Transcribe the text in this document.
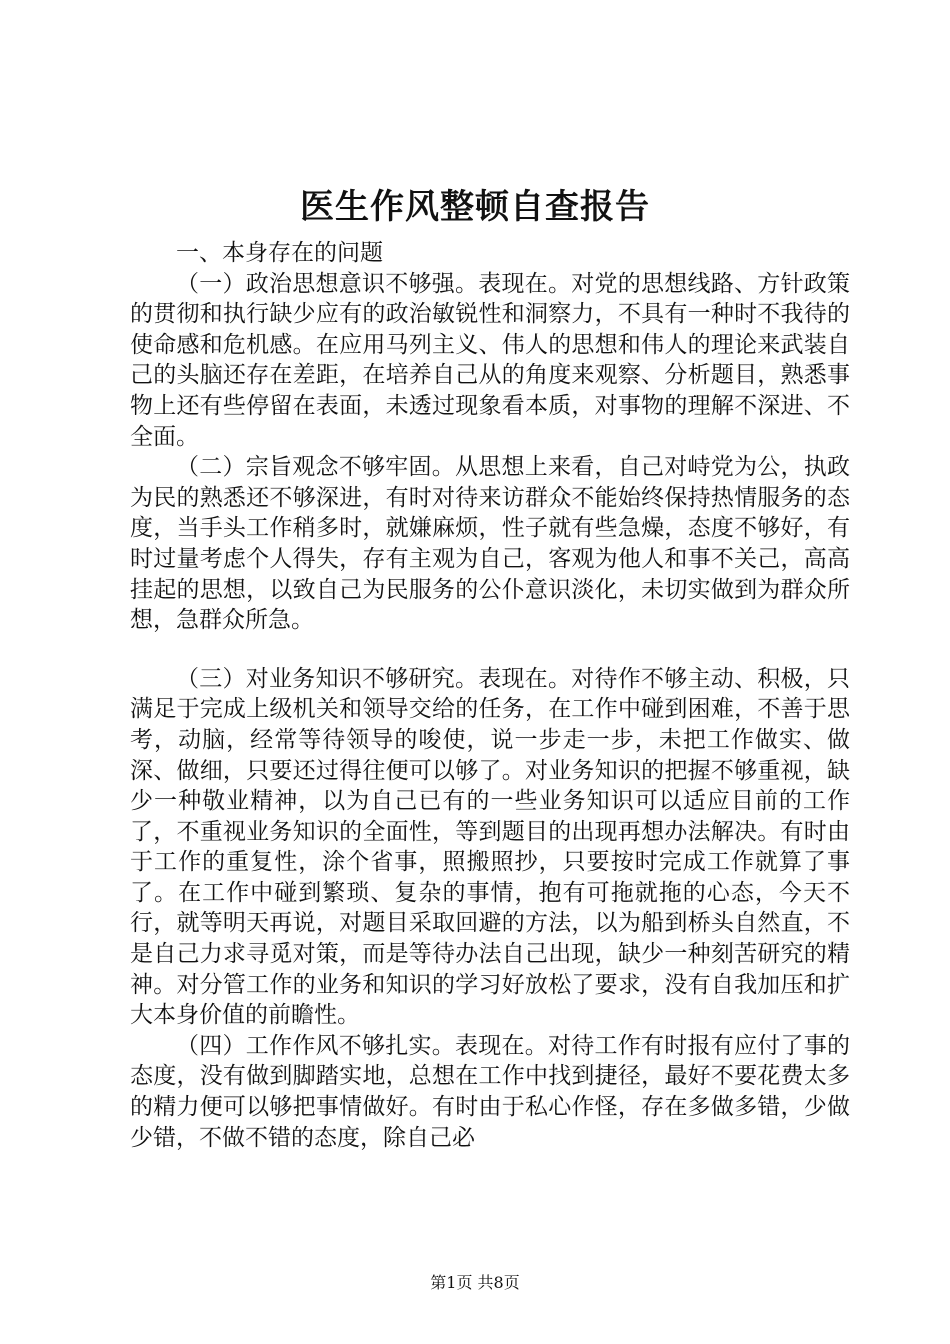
医生作风整顿自查报告

一、本身存在的问题

（一）政治思想意识不够强。表现在。对党的思想线路、方针政策的贯彻和执行缺少应有的政治敏锐性和洞察力，不具有一种时不我待的使命感和危机感。在应用马列主义、伟人的思想和伟人的理论来武装自己的头脑还存在差距，在培养自己从的角度来观察、分析题目，熟悉事物上还有些停留在表面，未透过现象看本质，对事物的理解不深进、不全面。

（二）宗旨观念不够牢固。从思想上来看，自己对峙党为公，执政为民的熟悉还不够深进，有时对待来访群众不能始终保持热情服务的态度，当手头工作稍多时，就嫌麻烦，性子就有些急燥，态度不够好，有时过量考虑个人得失，存有主观为自己，客观为他人和事不关己，高高挂起的思想，以致自己为民服务的公仆意识淡化，未切实做到为群众所想，急群众所急。

（三）对业务知识不够研究。表现在。对待作不够主动、积极，只满足于完成上级机关和领导交给的任务，在工作中碰到困难，不善于思考，动脑，经常等待领导的唆使，说一步走一步，未把工作做实、做深、做细，只要还过得往便可以够了。对业务知识的把握不够重视，缺少一种敬业精神，以为自己已有的一些业务知识可以适应目前的工作了，不重视业务知识的全面性，等到题目的出现再想办法解决。有时由于工作的重复性，涂个省事，照搬照抄，只要按时完成工作就算了事了。在工作中碰到繁琐、复杂的事情，抱有可拖就拖的心态，今天不行，就等明天再说，对题目采取回避的方法，以为船到桥头自然直，不是自己力求寻觅对策，而是等待办法自己出现，缺少一种刻苦研究的精神。对分管工作的业务和知识的学习好放松了要求，没有自我加压和扩大本身价值的前瞻性。

（四）工作作风不够扎实。表现在。对待工作有时报有应付了事的态度，没有做到脚踏实地，总想在工作中找到捷径，最好不要花费太多的精力便可以够把事情做好。有时由于私心作怪，存在多做多错，少做少错，不做不错的态度，除自己必

第1页 共8页
